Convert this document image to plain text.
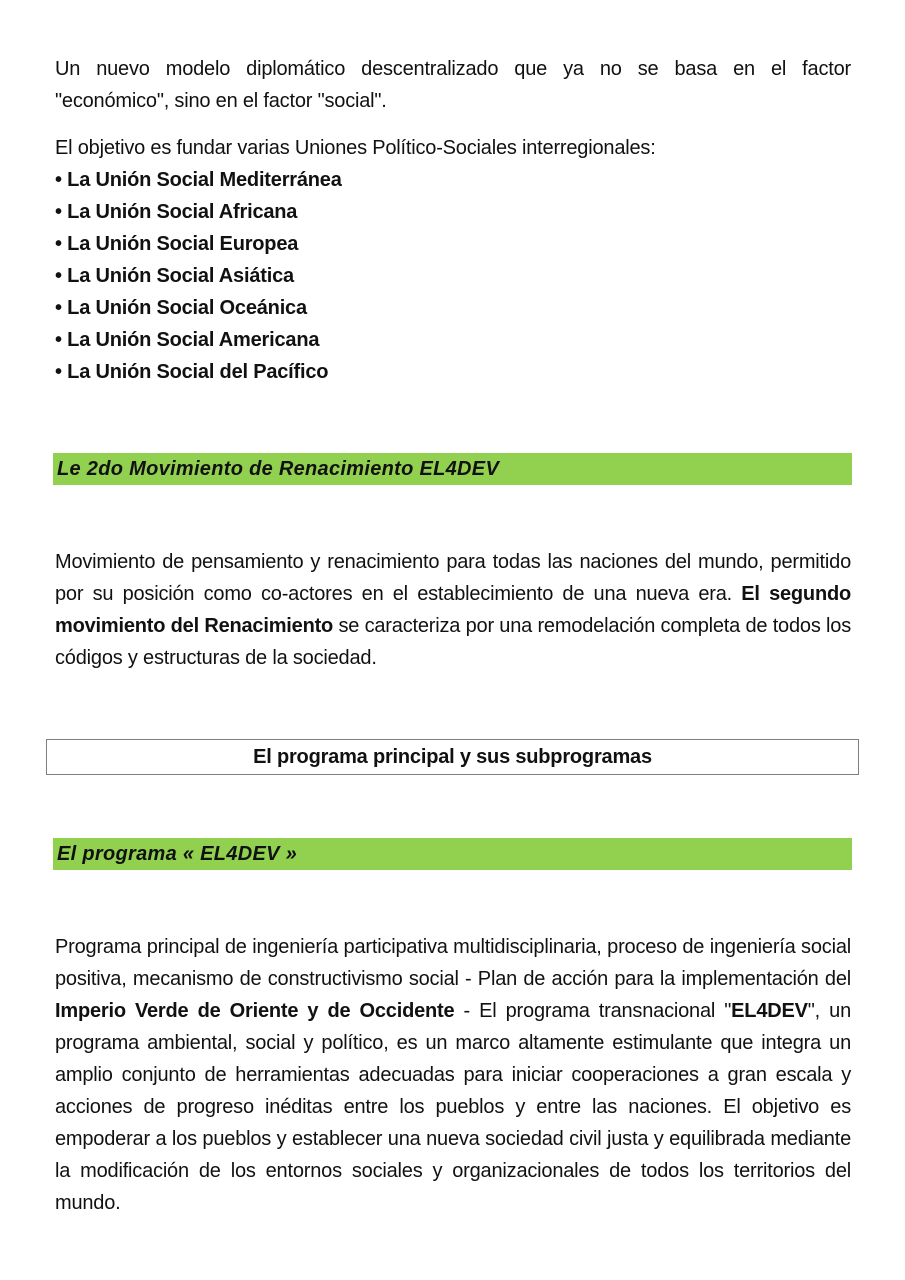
Un nuevo modelo diplomático descentralizado que ya no se basa en el factor

"económico", sino en el factor "social".

El objetivo es fundar varias Uniones Político-Sociales interregionales:

• La Unión Social Mediterránea
• La Unión Social Africana
• La Unión Social Europea
• La Unión Social Asiática
• La Unión Social Oceánica
• La Unión Social Americana
• La Unión Social del Pacífico
Le 2do Movimiento de Renacimiento EL4DEV

Movimiento de pensamiento y renacimiento para todas las naciones del mundo, permitido por su posición como co-actores en el establecimiento de una nueva era. El segundo movimiento del Renacimiento se caracteriza por una remodelación completa de todos los códigos y estructuras de la sociedad.

El programa principal y sus subprogramas
El programa « EL4DEV »

Programa principal de ingeniería participativa multidisciplinaria, proceso de ingeniería social positiva, mecanismo de constructivismo social - Plan de acción para la implementación del Imperio Verde de Oriente y de Occidente - El programa transnacional "EL4DEV", un programa ambiental, social y político, es un marco altamente estimulante que integra un amplio conjunto de herramientas adecuadas para iniciar cooperaciones a gran escala y acciones de progreso inéditas entre los pueblos y entre las naciones. El objetivo es empoderar a los pueblos y establecer una nueva sociedad civil justa y equilibrada mediante la modificación de los entornos sociales y organizacionales de todos los territorios del mundo.
